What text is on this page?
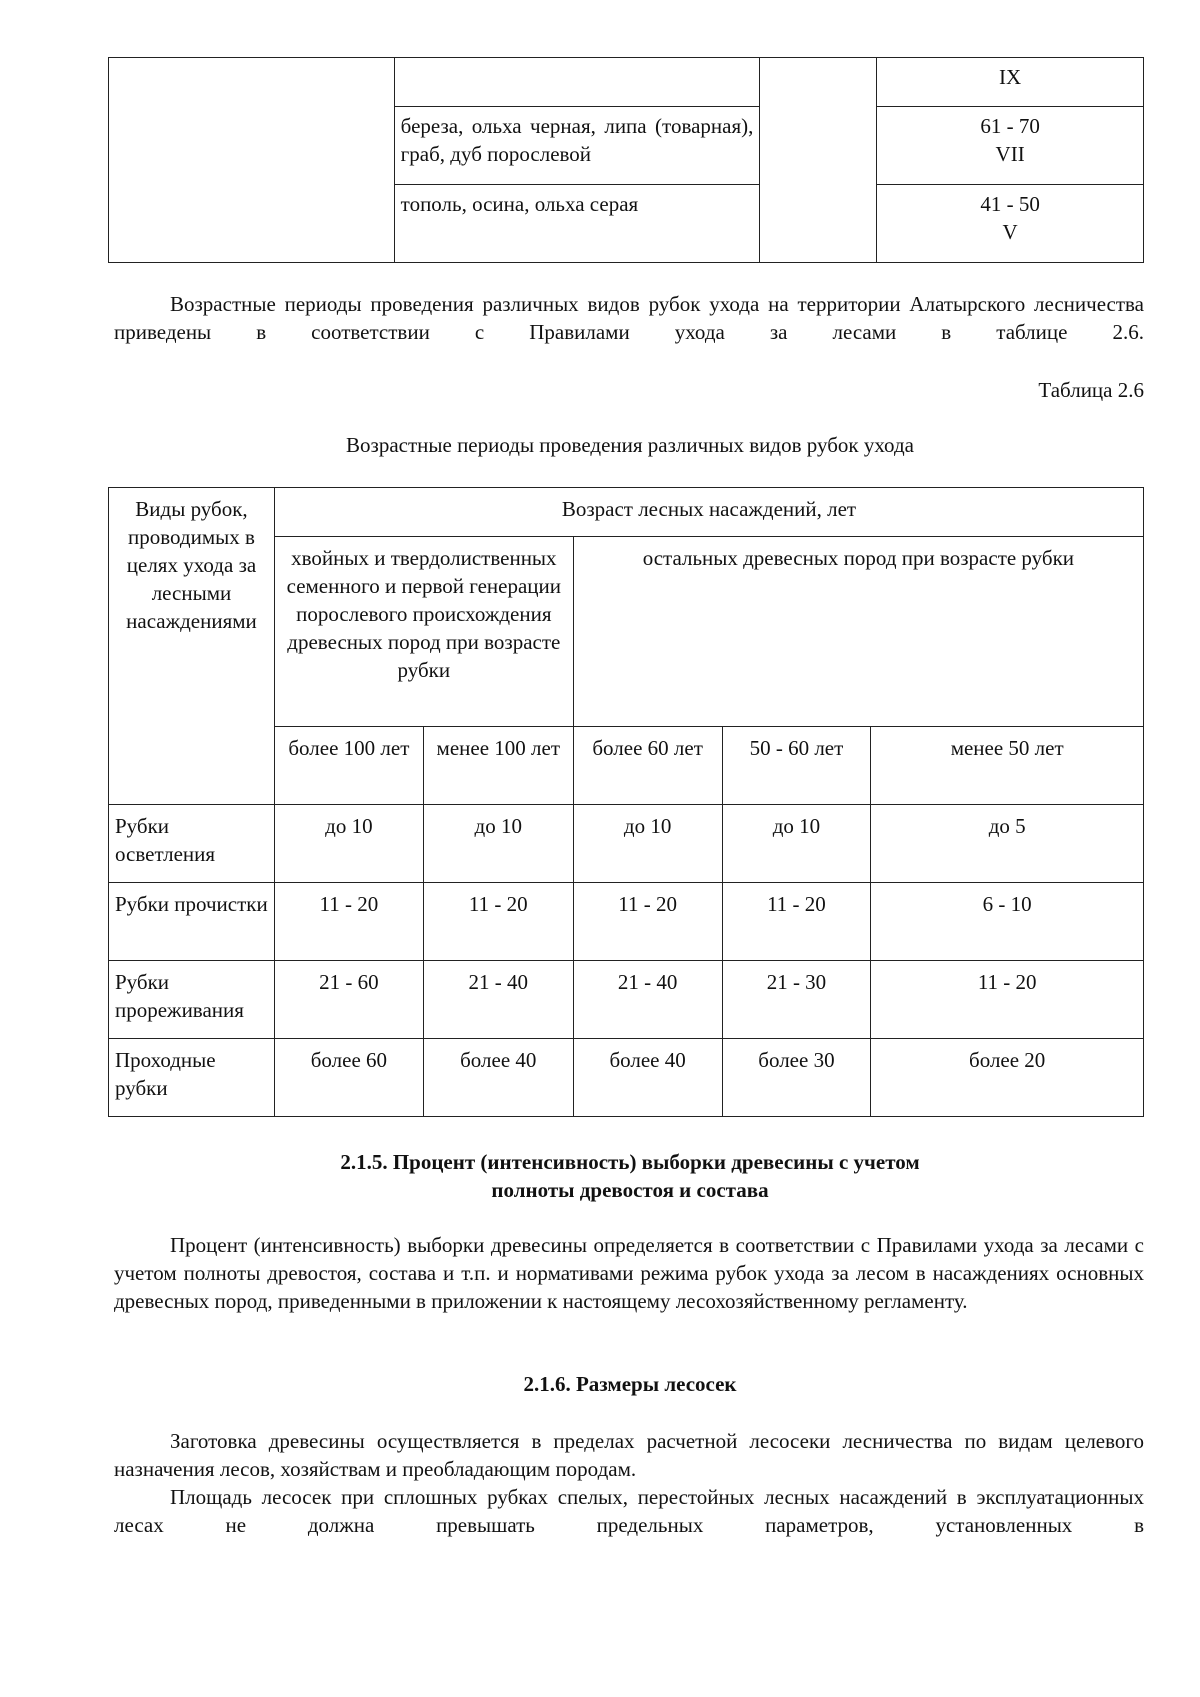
			IX
	береза, ольха черная, липа (товарная), граб, дуб порослевой		61 - 70
VII
	тополь, осина, ольха серая		41 - 50
V

Возрастные периоды проведения различных видов рубок ухода на территории Алатырского лесничества приведены в соответствии с Правилами ухода за лесами в таблице 2.6.

Таблица 2.6
Возрастные периоды проведения различных видов рубок ухода
Виды рубок, проводимых в целях ухода за лесными насаждениями	Возраст лесных насаждений, лет				
	хвойных и твердолиственных семенного и первой генерации порослевого происхождения древесных пород при возрасте рубки		остальных древесных пород при возрасте рубки		
	более 100 лет	менее 100 лет	более 60 лет	50 - 60 лет	менее 50 лет
Рубки осветления	до 10	до 10	до 10	до 10	до 5
Рубки прочистки	11 - 20	11 - 20	11 - 20	11 - 20	6 - 10
Рубки прореживания	21 - 60	21 - 40	21 - 40	21 - 30	11 - 20
Проходные рубки	более 60	более 40	более 40	более 30	более 20
2.1.5. Процент (интенсивность) выборки древесины с учетом
полноты древостоя и состава

Процент (интенсивность) выборки древесины определяется в соответствии с Правилами ухода за лесами с учетом полноты древостоя, состава и т.п. и нормативами режима рубок ухода за лесом в насаждениях основных древесных пород, приведенными в приложении к настоящему лесохозяйственному регламенту.

2.1.6. Размеры лесосек

Заготовка древесины осуществляется в пределах расчетной лесосеки лесничества по видам целевого назначения лесов, хозяйствам и преобладающим породам.

Площадь лесосек при сплошных рубках спелых, перестойных лесных насаждений в эксплуатационных лесах не должна превышать предельных параметров, установленных в
